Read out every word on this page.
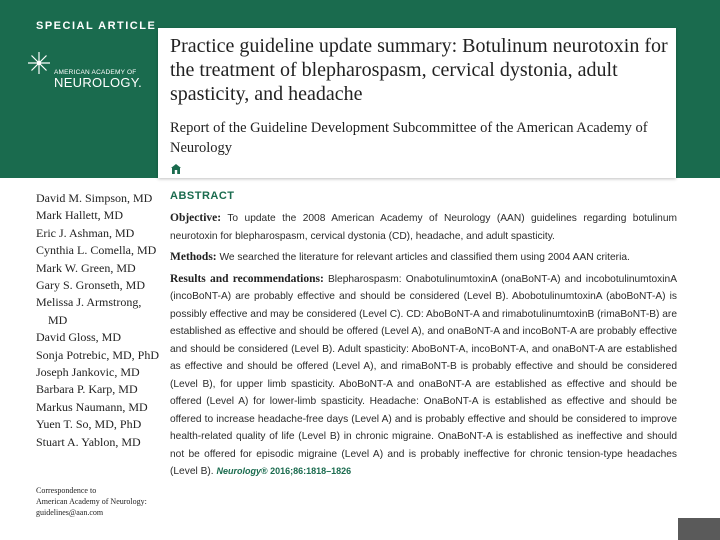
SPECIAL ARTICLE
AMERICAN ACADEMY OF
NEUROLOGY.
Practice guideline update summary: Botulinum neurotoxin for the treatment of blepharospasm, cervical dystonia, adult spasticity, and headache
Report of the Guideline Development Subcommittee of the American Academy of Neurology
David M. Simpson, MD
Mark Hallett, MD
Eric J. Ashman, MD
Cynthia L. Comella, MD
Mark W. Green, MD
Gary S. Gronseth, MD
Melissa J. Armstrong,
MD
David Gloss, MD
Sonja Potrebic, MD, PhD
Joseph Jankovic, MD
Barbara P. Karp, MD
Markus Naumann, MD
Yuen T. So, MD, PhD
Stuart A. Yablon, MD
Correspondence to
American Academy of Neurology:
guidelines@aan.com
ABSTRACT

Objective: To update the 2008 American Academy of Neurology (AAN) guidelines regarding botulinum neurotoxin for blepharospasm, cervical dystonia (CD), headache, and adult spasticity.

Methods: We searched the literature for relevant articles and classified them using 2004 AAN criteria.

Results and recommendations: Blepharospasm: OnabotulinumtoxinA (onaBoNT-A) and incobotulinumtoxinA (incoBoNT-A) are probably effective and should be considered (Level B). AbobotulinumtoxinA (aboBoNT-A) is possibly effective and may be considered (Level C). CD: AboBoNT-A and rimabotulinumtoxinB (rimaBoNT-B) are established as effective and should be offered (Level A), and onaBoNT-A and incoBoNT-A are probably effective and should be considered (Level B). Adult spasticity: AboBoNT-A, incoBoNT-A, and onaBoNT-A are established as effective and should be offered (Level A), and rimaBoNT-B is probably effective and should be considered (Level B), for upper limb spasticity. AboBoNT-A and onaBoNT-A are established as effective and should be offered (Level A) for lower-limb spasticity. Headache: OnaBoNT-A is established as effective and should be offered to increase headache-free days (Level A) and is probably effective and should be considered to improve health-related quality of life (Level B) in chronic migraine. OnaBoNT-A is established as ineffective and should not be offered for episodic migraine (Level A) and is probably ineffective for chronic tension-type headaches (Level B). Neurology® 2016;86:1818–1826
